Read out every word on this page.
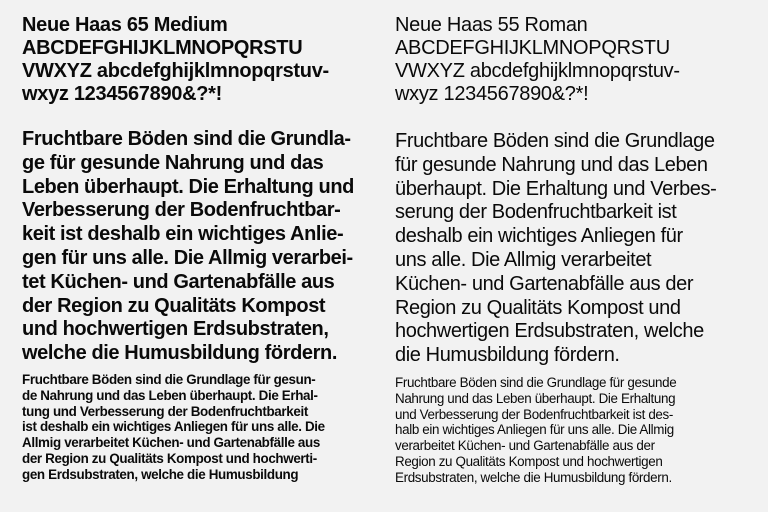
Neue Haas 65 Medium
ABCDEFGHIJKLMNOPQRSTU
VWXYZ abcdefghijklmnopqrstuv-
wxyz 1234567890&?*!
Fruchtbare Böden sind die Grundla-
ge für gesunde Nahrung und das
Leben überhaupt. Die Erhaltung und
Verbesserung der Bodenfruchtbar-
keit ist deshalb ein wichtiges Anlie-
gen für uns alle. Die Allmig verarbei-
tet Küchen- und Gartenabfälle aus
der Region zu Qualitäts Kompost
und hochwertigen Erdsubstraten,
welche die Humusbildung fördern.
Fruchtbare Böden sind die Grundlage für gesun-
de Nahrung und das Leben überhaupt. Die Erhal-
tung und Verbesserung der Bodenfruchtbarkeit
ist deshalb ein wichtiges Anliegen für uns alle. Die
Allmig verarbeitet Küchen- und Gartenabfälle aus
der Region zu Qualitäts Kompost und hochwerti-
gen Erdsubstraten, welche die Humusbildung
Neue Haas 55 Roman
ABCDEFGHIJKLMNOPQRSTU
VWXYZ abcdefghijklmnopqrstuv-
wxyz 1234567890&?*!
Fruchtbare Böden sind die Grundlage
für gesunde Nahrung und das Leben
überhaupt. Die Erhaltung und Verbes-
serung der Bodenfruchtbarkeit ist
deshalb ein wichtiges Anliegen für
uns alle. Die Allmig verarbeitet
Küchen- und Gartenabfälle aus der
Region zu Qualitäts Kompost und
hochwertigen Erdsubstraten, welche
die Humusbildung fördern.
Fruchtbare Böden sind die Grundlage für gesunde
Nahrung und das Leben überhaupt. Die Erhaltung
und Verbesserung der Bodenfruchtbarkeit ist des-
halb ein wichtiges Anliegen für uns alle. Die Allmig
verarbeitet Küchen- und Gartenabfälle aus der
Region zu Qualitäts Kompost und hochwertigen
Erdsubstraten, welche die Humusbildung fördern.
